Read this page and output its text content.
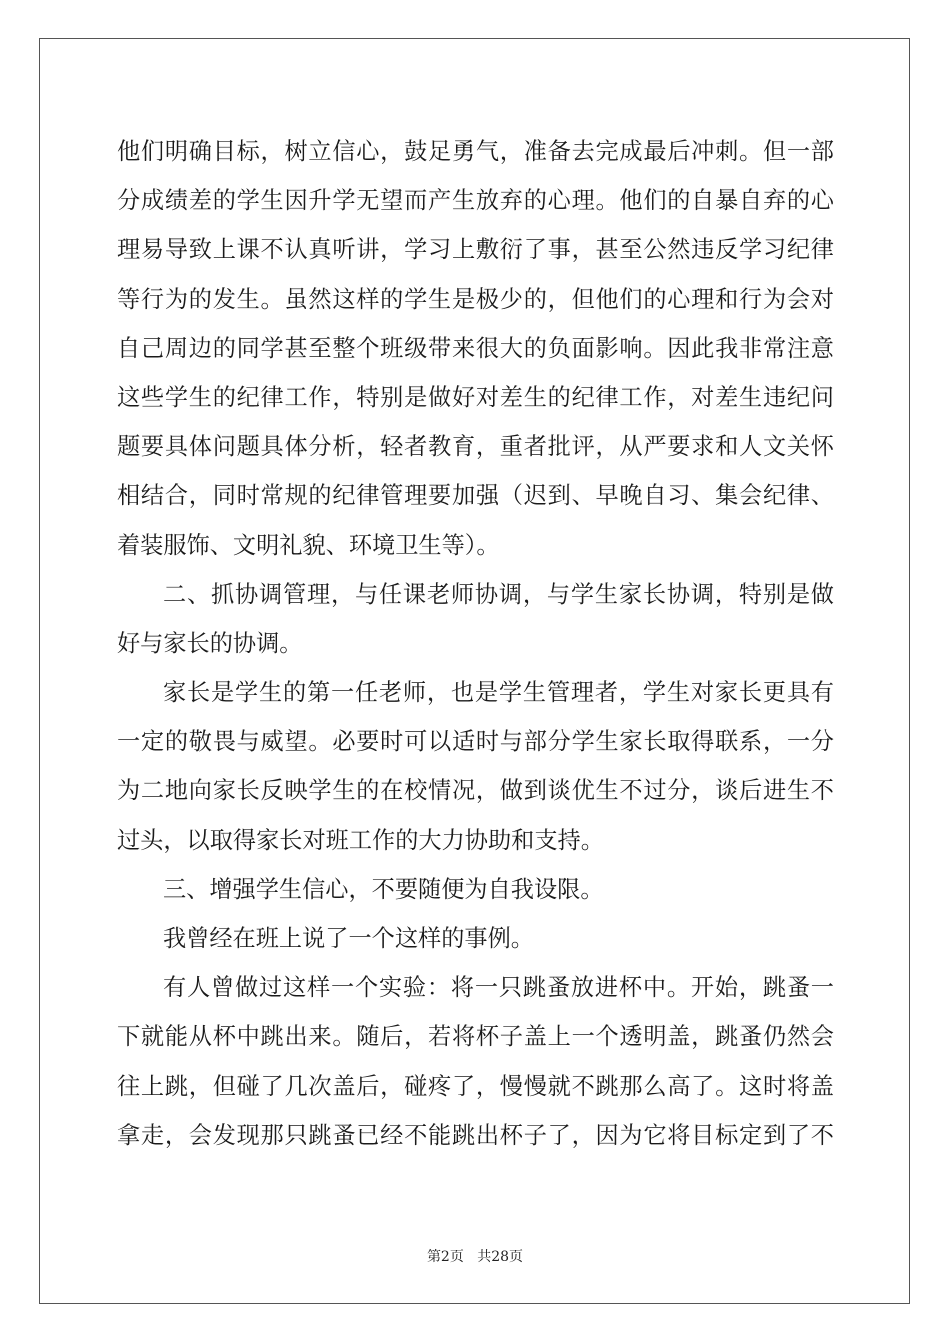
他们明确目标，树立信心，鼓足勇气，准备去完成最后冲刺。但一部
分成绩差的学生因升学无望而产生放弃的心理。他们的自暴自弃的心
理易导致上课不认真听讲，学习上敷衍了事，甚至公然违反学习纪律
等行为的发生。虽然这样的学生是极少的，但他们的心理和行为会对
自己周边的同学甚至整个班级带来很大的负面影响。因此我非常注意
这些学生的纪律工作，特别是做好对差生的纪律工作，对差生违纪问
题要具体问题具体分析，轻者教育，重者批评，从严要求和人文关怀
相结合，同时常规的纪律管理要加强（迟到、早晚自习、集会纪律、
着装服饰、文明礼貌、环境卫生等）。
二、抓协调管理，与任课老师协调，与学生家长协调，特别是做
好与家长的协调。
家长是学生的第一任老师，也是学生管理者，学生对家长更具有
一定的敬畏与威望。必要时可以适时与部分学生家长取得联系，一分
为二地向家长反映学生的在校情况，做到谈优生不过分，谈后进生不
过头，以取得家长对班工作的大力协助和支持。
三、增强学生信心，不要随便为自我设限。
我曾经在班上说了一个这样的事例。
有人曾做过这样一个实验：将一只跳蚤放进杯中。开始，跳蚤一
下就能从杯中跳出来。随后，若将杯子盖上一个透明盖，跳蚤仍然会
往上跳，但碰了几次盖后，碰疼了，慢慢就不跳那么高了。这时将盖
拿走，会发现那只跳蚤已经不能跳出杯子了，因为它将目标定到了不
第2页 共28页
